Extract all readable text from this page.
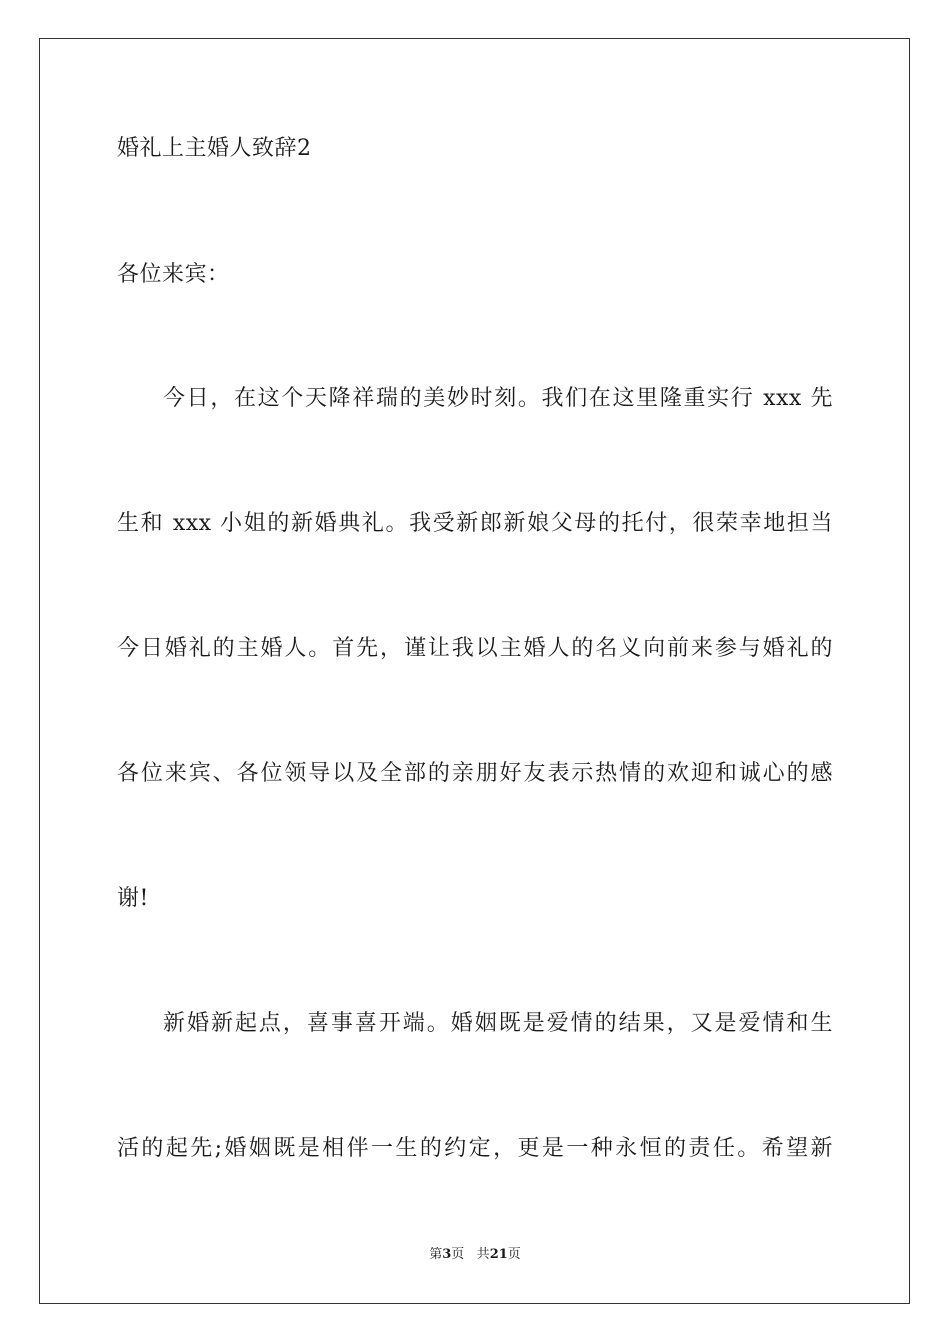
婚礼上主婚人致辞2
各位来宾：
今日，在这个天降祥瑞的美妙时刻。我们在这里隆重实行 xxx 先
生和 xxx 小姐的新婚典礼。我受新郎新娘父母的托付，很荣幸地担当
今日婚礼的主婚人。首先，谨让我以主婚人的名义向前来参与婚礼的
各位来宾、各位领导以及全部的亲朋好友表示热情的欢迎和诚心的感
谢!
新婚新起点，喜事喜开端。婚姻既是爱情的结果，又是爱情和生
活的起先;婚姻既是相伴一生的约定，更是一种永恒的责任。希望新
第3页 共21页
